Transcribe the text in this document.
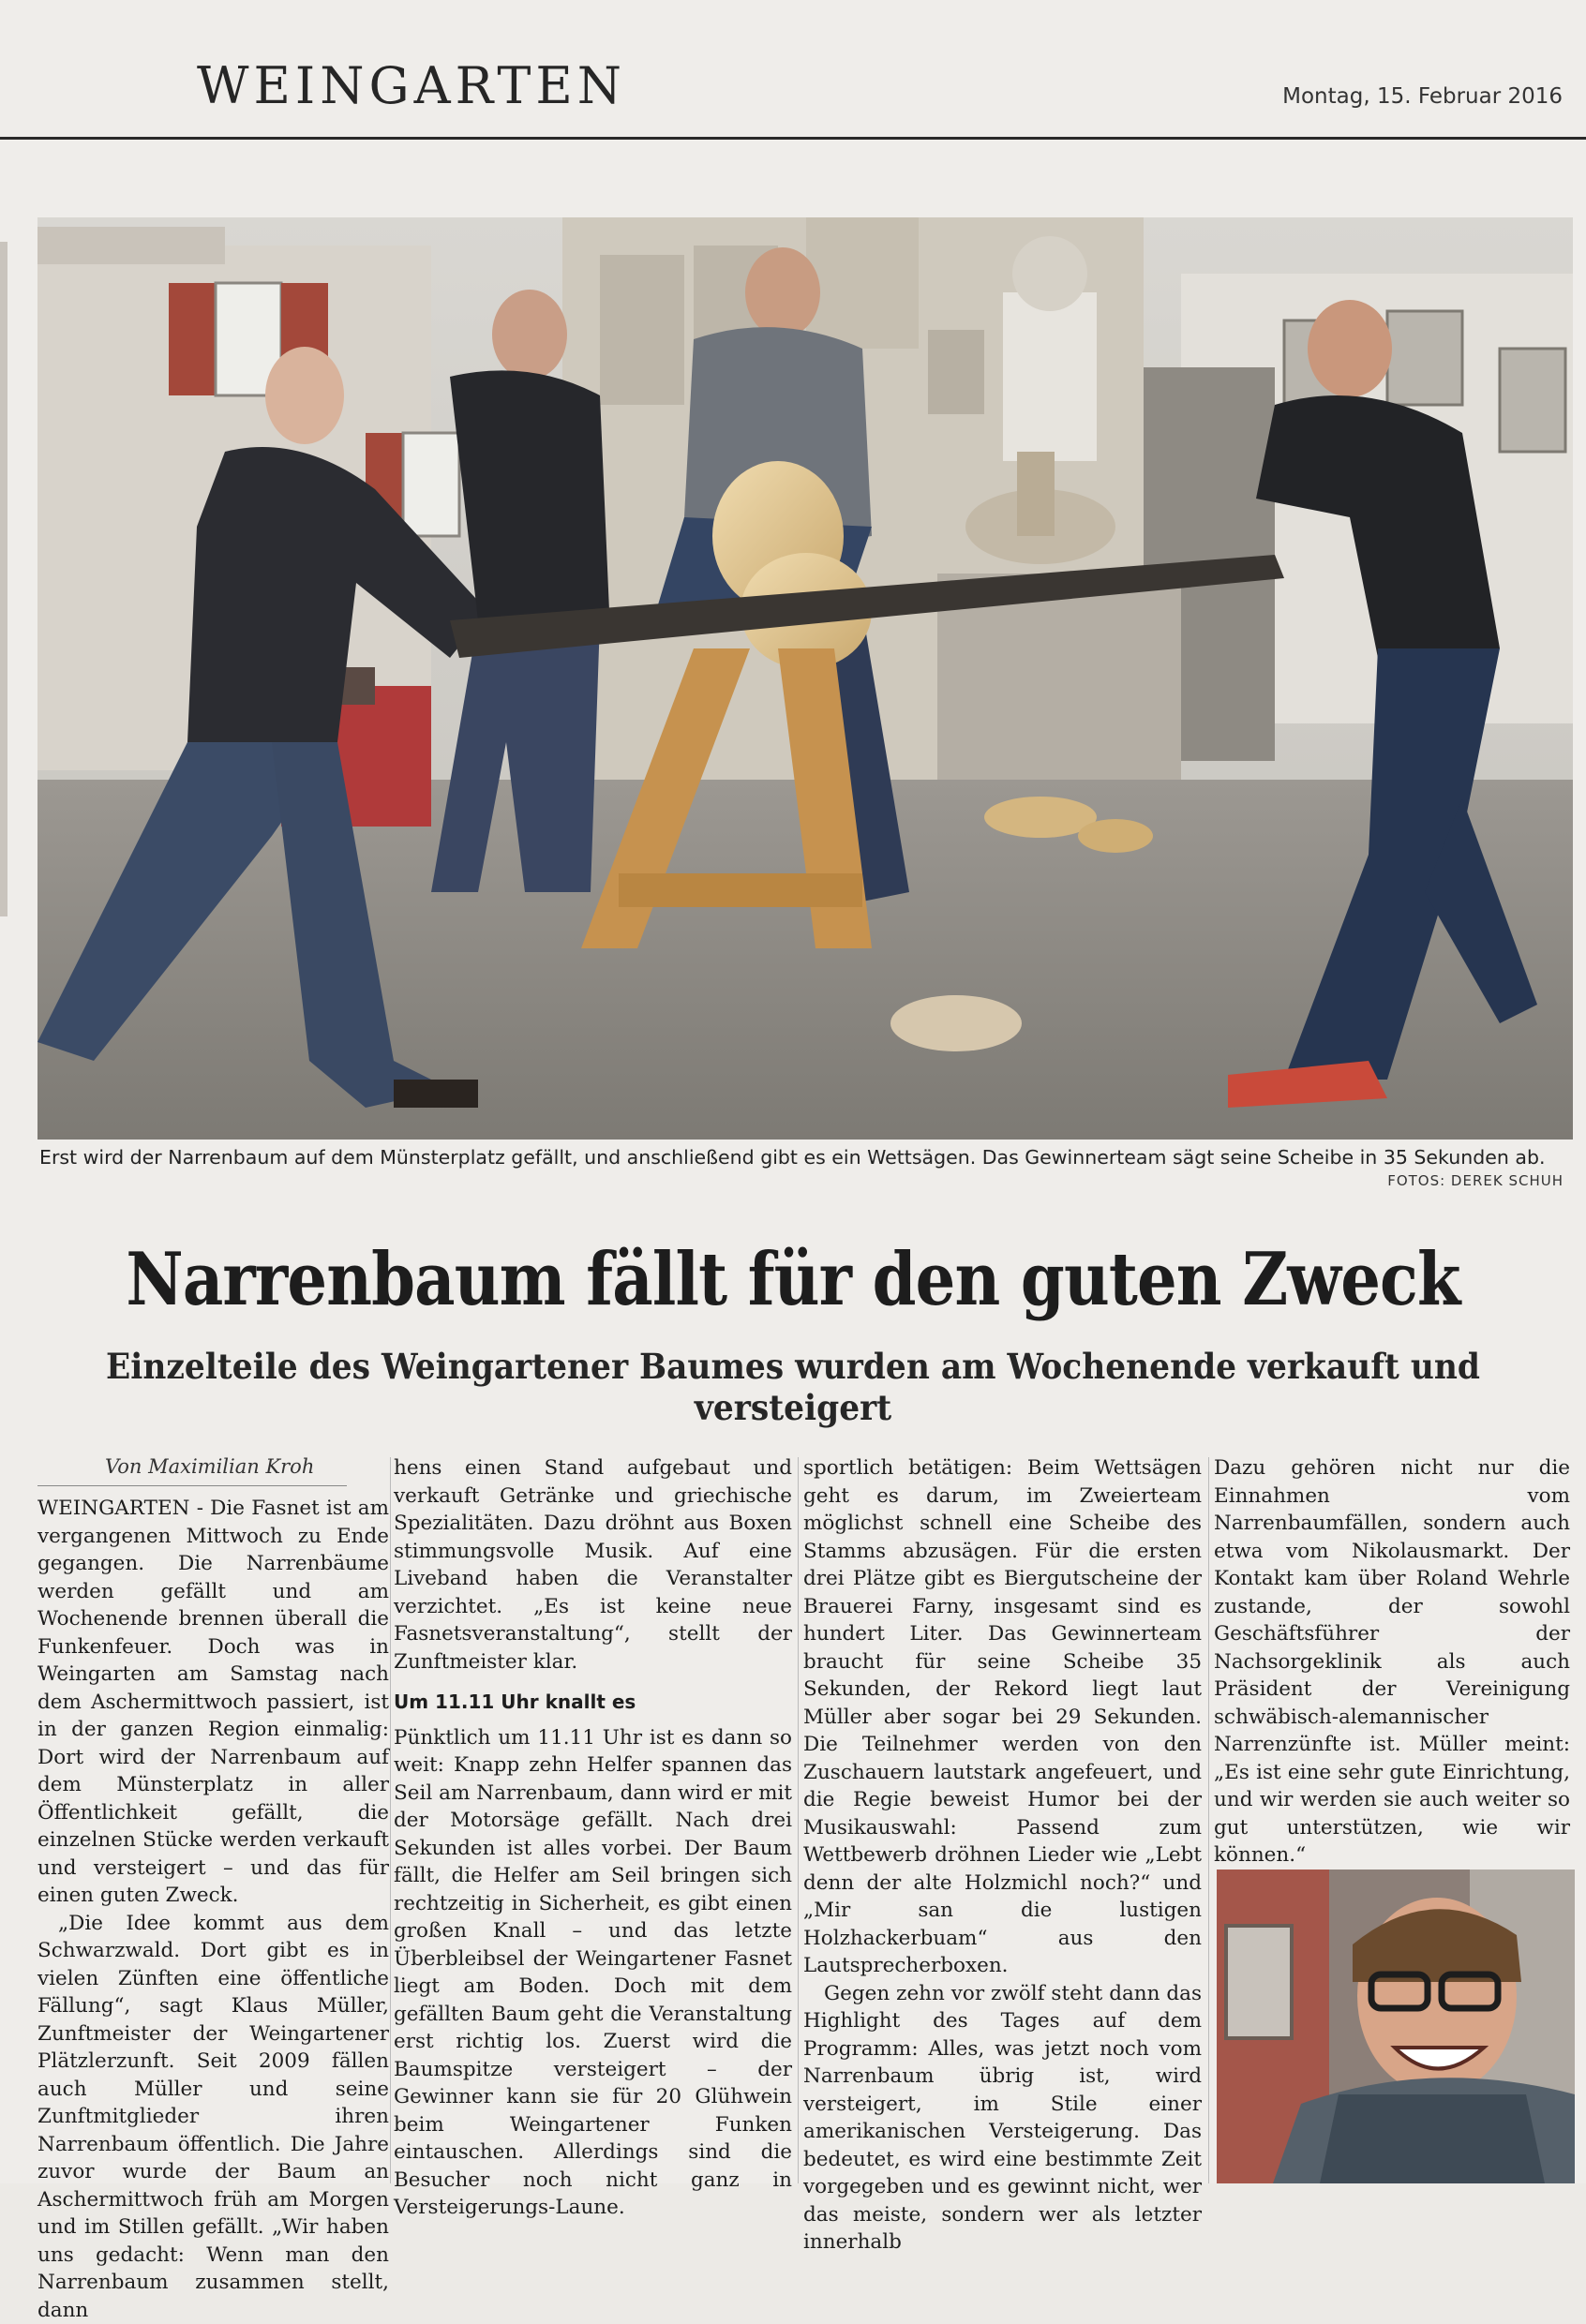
WEINGARTEN	Montag, 15. Februar 2016
Erst wird der Narrenbaum auf dem Münsterplatz gefällt, und anschließend gibt es ein Wettsägen. Das Gewinnerteam sägt seine Scheibe in 35 Sekunden ab.
FOTOS: DEREK SCHUH
Narrenbaum fällt für den guten Zweck
Einzelteile des Weingartener Baumes wurden am Wochenende verkauft und versteigert
Von Maximilian Kroh

WEINGARTEN - Die Fasnet ist am vergangenen Mittwoch zu Ende gegangen. Die Narrenbäume werden gefällt und am Wochenende brennen überall die Funkenfeuer. Doch was in Weingarten am Samstag nach dem Aschermittwoch passiert, ist in der ganzen Region einmalig: Dort wird der Narrenbaum auf dem Münsterplatz in aller Öffentlichkeit gefällt, die einzelnen Stücke werden verkauft und versteigert – und das für einen guten Zweck.

„Die Idee kommt aus dem Schwarzwald. Dort gibt es in vielen Zünften eine öffentliche Fällung“, sagt Klaus Müller, Zunftmeister der Weingartener Plätzlerzunft. Seit 2009 fällen auch Müller und seine Zunftmitglieder ihren Narrenbaum öffentlich. Die Jahre zuvor wurde der Baum an Aschermittwoch früh am Morgen und im Stillen gefällt. „Wir haben uns gedacht: Wenn man den Narrenbaum zusammen stellt, dann

hens einen Stand aufgebaut und verkauft Getränke und griechische Spezialitäten. Dazu dröhnt aus Boxen stimmungsvolle Musik. Auf eine Liveband haben die Veranstalter verzichtet. „Es ist keine neue Fasnetsveranstaltung“, stellt der Zunftmeister klar.

Um 11.11 Uhr knallt es

Pünktlich um 11.11 Uhr ist es dann so weit: Knapp zehn Helfer spannen das Seil am Narrenbaum, dann wird er mit der Motorsäge gefällt. Nach drei Sekunden ist alles vorbei. Der Baum fällt, die Helfer am Seil bringen sich rechtzeitig in Sicherheit, es gibt einen großen Knall – und das letzte Überbleibsel der Weingartener Fasnet liegt am Boden. Doch mit dem gefällten Baum geht die Veranstaltung erst richtig los. Zuerst wird die Baumspitze versteigert – der Gewinner kann sie für 20 Glühwein beim Weingartener Funken eintauschen. Allerdings sind die Besucher noch nicht ganz in Versteigerungs-Laune.

sportlich betätigen: Beim Wettsägen geht es darum, im Zweierteam möglichst schnell eine Scheibe des Stamms abzusägen. Für die ersten drei Plätze gibt es Biergutscheine der Brauerei Farny, insgesamt sind es hundert Liter. Das Gewinnerteam braucht für seine Scheibe 35 Sekunden, der Rekord liegt laut Müller aber sogar bei 29 Sekunden. Die Teilnehmer werden von den Zuschauern lautstark angefeuert, und die Regie beweist Humor bei der Musikauswahl: Passend zum Wettbewerb dröhnen Lieder wie „Lebt denn der alte Holzmichl noch?“ und „Mir san die lustigen Holzhackerbuam“ aus den Lautsprecherboxen.

Gegen zehn vor zwölf steht dann das Highlight des Tages auf dem Programm: Alles, was jetzt noch vom Narrenbaum übrig ist, wird versteigert, im Stile einer amerikanischen Versteigerung. Das bedeutet, es wird eine bestimmte Zeit vorgegeben und es gewinnt nicht, wer das meiste, sondern wer als letzter innerhalb

Dazu gehören nicht nur die Einnahmen vom Narrenbaumfällen, sondern auch etwa vom Nikolausmarkt. Der Kontakt kam über Roland Wehrle zustande, der sowohl Geschäftsführer der Nachsorgeklinik als auch Präsident der Vereinigung schwäbisch-alemannischer Narrenzünfte ist. Müller meint: „Es ist eine sehr gute Einrichtung, und wir werden sie auch weiter so gut unterstützen, wie wir können.“
